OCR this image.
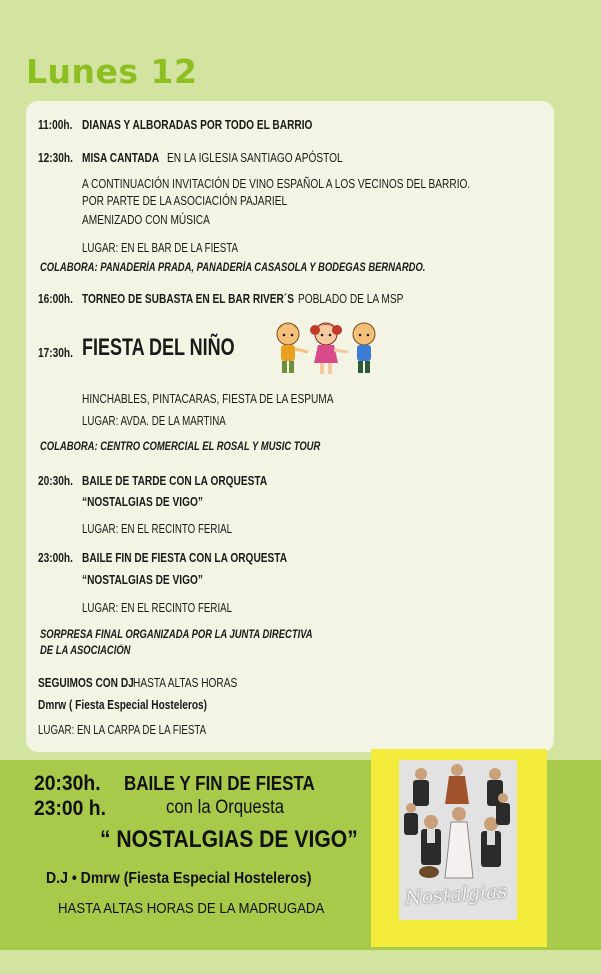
Lunes 12
11:00h. DIANAS Y ALBORADAS POR TODO EL BARRIO
12:30h. MISA CANTADA EN LA IGLESIA SANTIAGO APÓSTOL
A CONTINUACIÓN INVITACIÓN DE VINO ESPAÑOL A LOS VECINOS DEL BARRIO.
POR PARTE DE LA ASOCIACIÓN PAJARIEL
AMENIZADO CON MÚSICA
LUGAR: EN EL BAR DE LA FIESTA
COLABORA: PANADERÍA PRADA, PANADERÍA CASASOLA Y BODEGAS BERNARDO.
16:00h. TORNEO DE SUBASTA EN EL BAR RIVER´S POBLADO DE LA MSP
17:30h. FIESTA DEL NIÑO
HINCHABLES, PINTACARAS, FIESTA DE LA ESPUMA
LUGAR: AVDA. DE LA MARTINA
COLABORA: CENTRO COMERCIAL EL ROSAL Y MUSIC TOUR
20:30h. BAILE DE TARDE CON LA ORQUESTA
“NOSTALGIAS DE VIGO”
LUGAR: EN EL RECINTO FERIAL
23:00h. BAILE FIN DE FIESTA CON LA ORQUESTA
“NOSTALGIAS DE VIGO”
LUGAR: EN EL RECINTO FERIAL
SORPRESA FINAL ORGANIZADA POR LA JUNTA DIRECTIVA
DE LA ASOCIACIÓN
SEGUIMOS CON DJ HASTA ALTAS HORAS
Dmrw ( Fiesta Especial Hosteleros)
LUGAR: EN LA CARPA DE LA FIESTA
Nostalgias
20:30h. BAILE Y FIN DE FIESTA
23:00 h.	con la Orquesta
“ NOSTALGIAS DE VIGO”
D.J • Dmrw (Fiesta Especial Hosteleros)
HASTA ALTAS HORAS DE LA MADRUGADA
